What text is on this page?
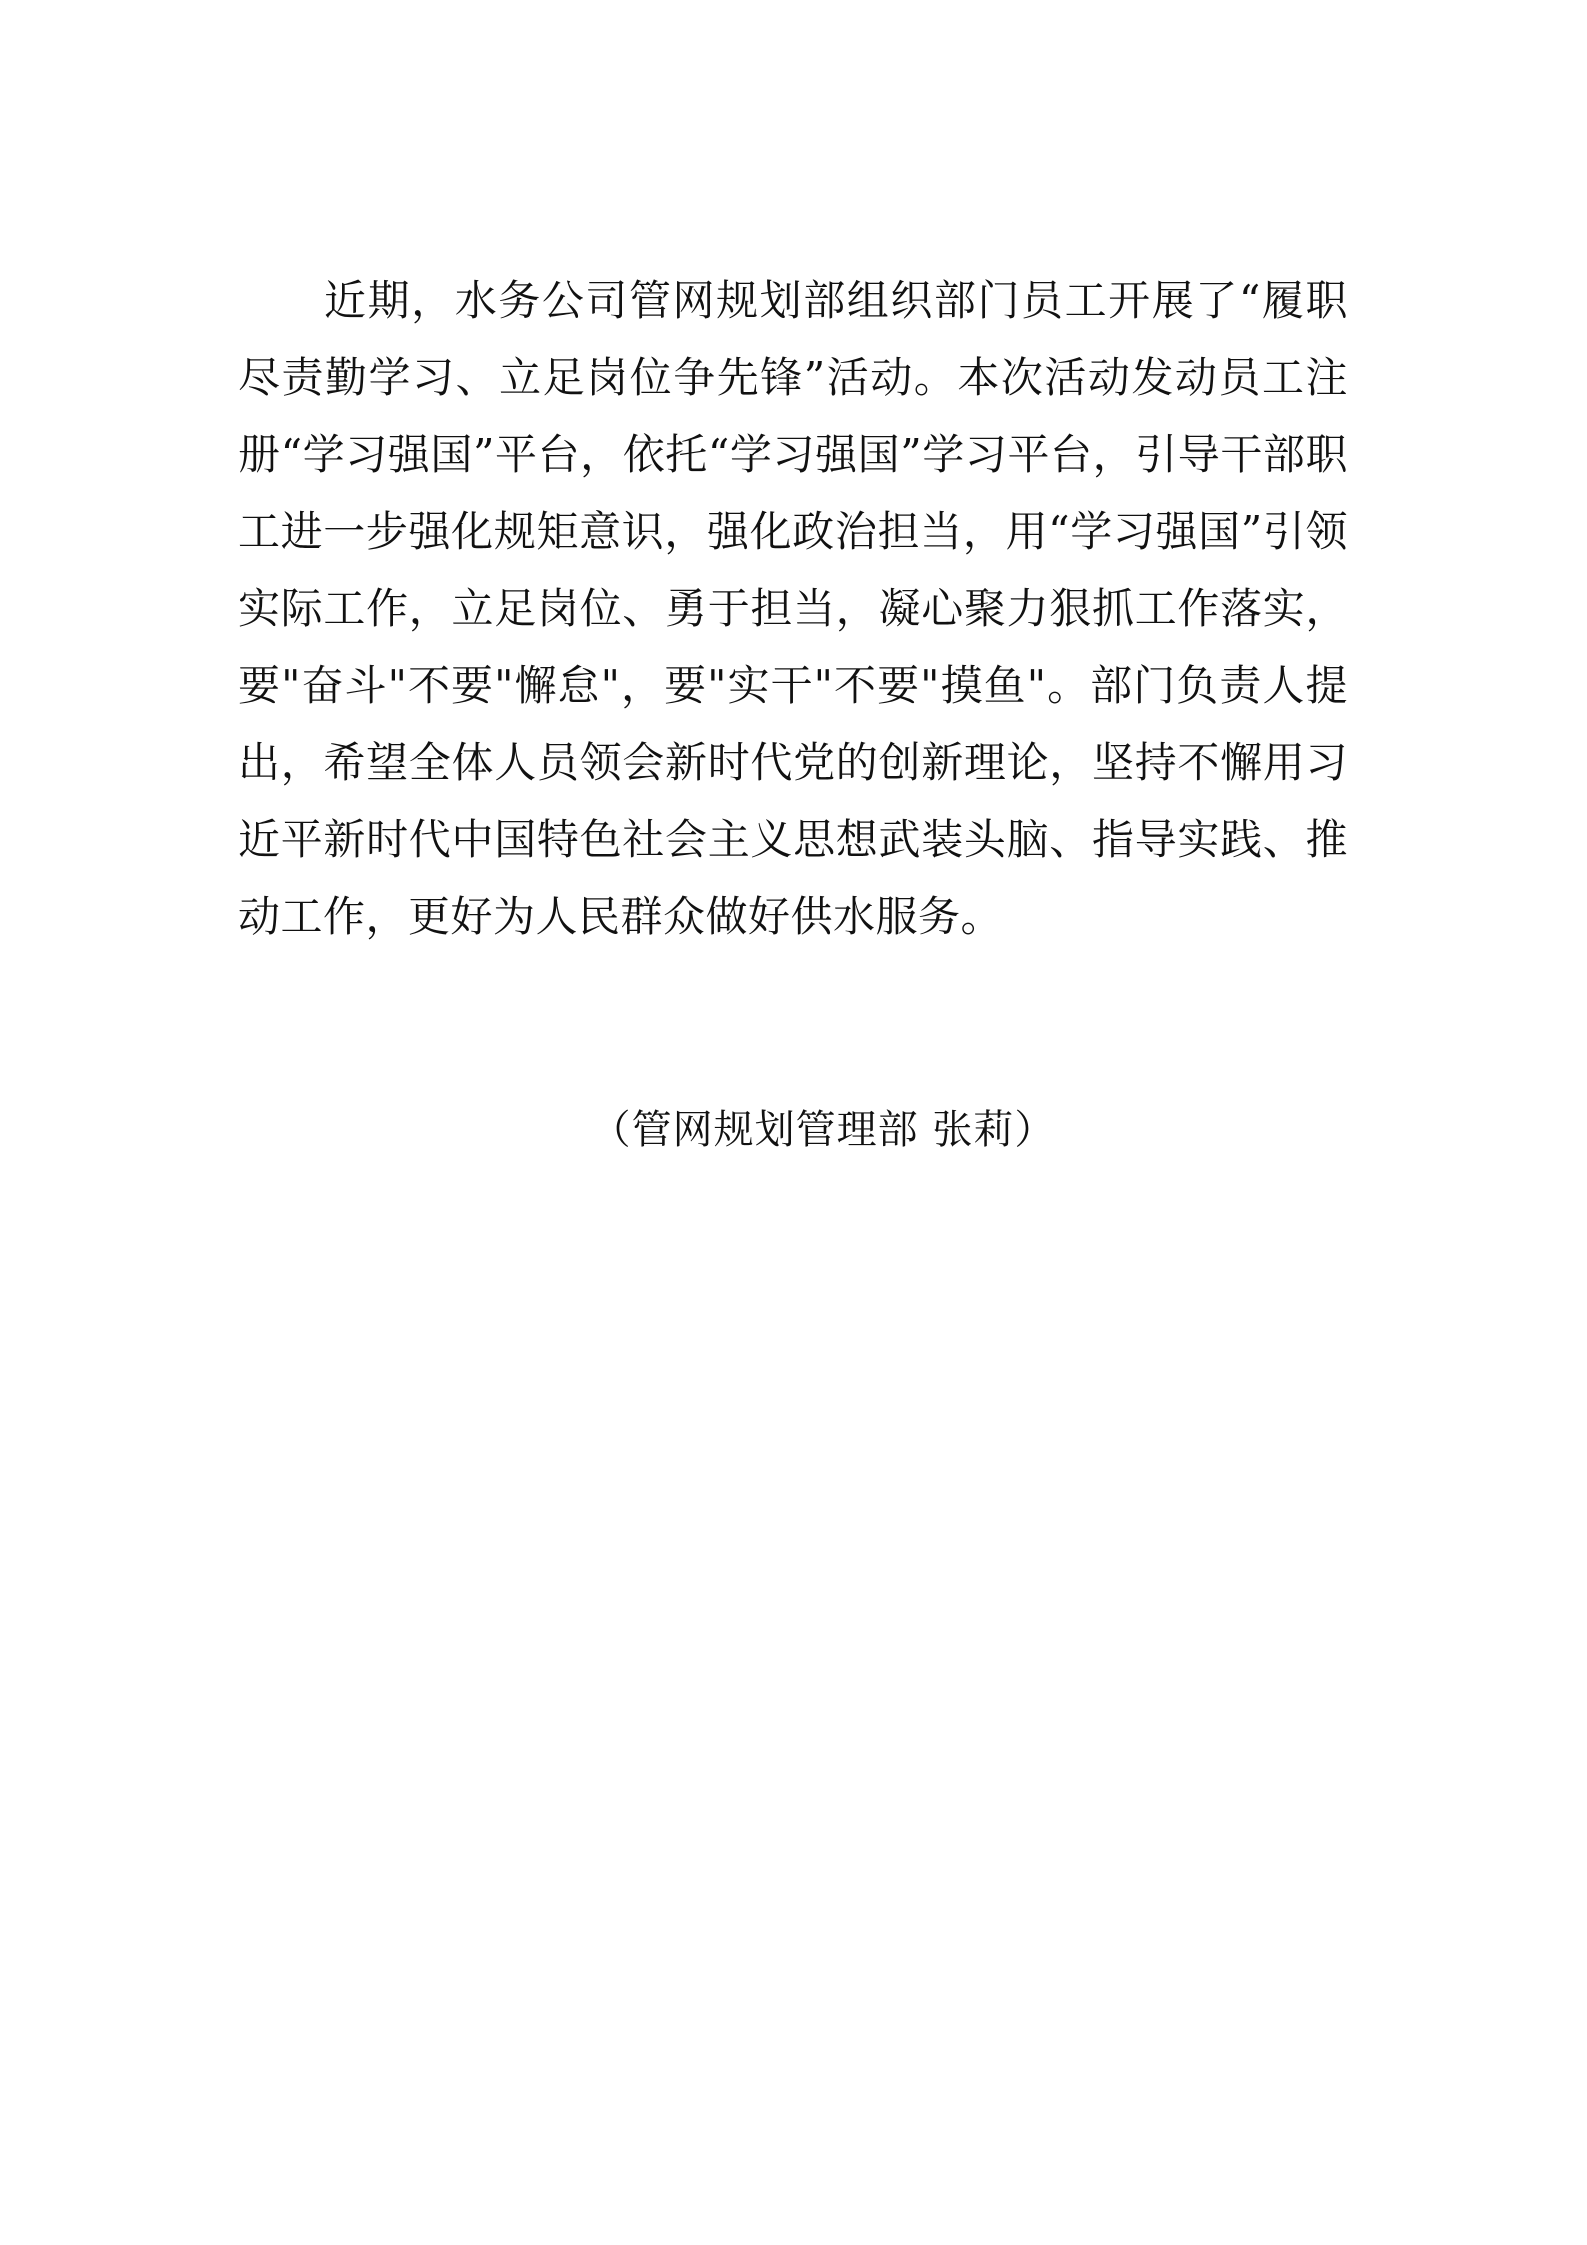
近期，水务公司管网规划部组织部门员工开展了“履职尽责勤学习、立足岗位争先锋”活动。本次活动发动员工注册“学习强国”平台，依托“学习强国”学习平台，引导干部职工进一步强化规矩意识，强化政治担当，用“学习强国”引领实际工作，立足岗位、勇于担当，凝心聚力狠抓工作落实，要"奋斗"不要"懈怠"，要"实干"不要"摸鱼"。部门负责人提出，希望全体人员领会新时代党的创新理论，坚持不懈用习近平新时代中国特色社会主义思想武装头脑、指导实践、推动工作，更好为人民群众做好供水服务。

（管网规划管理部 张莉）
